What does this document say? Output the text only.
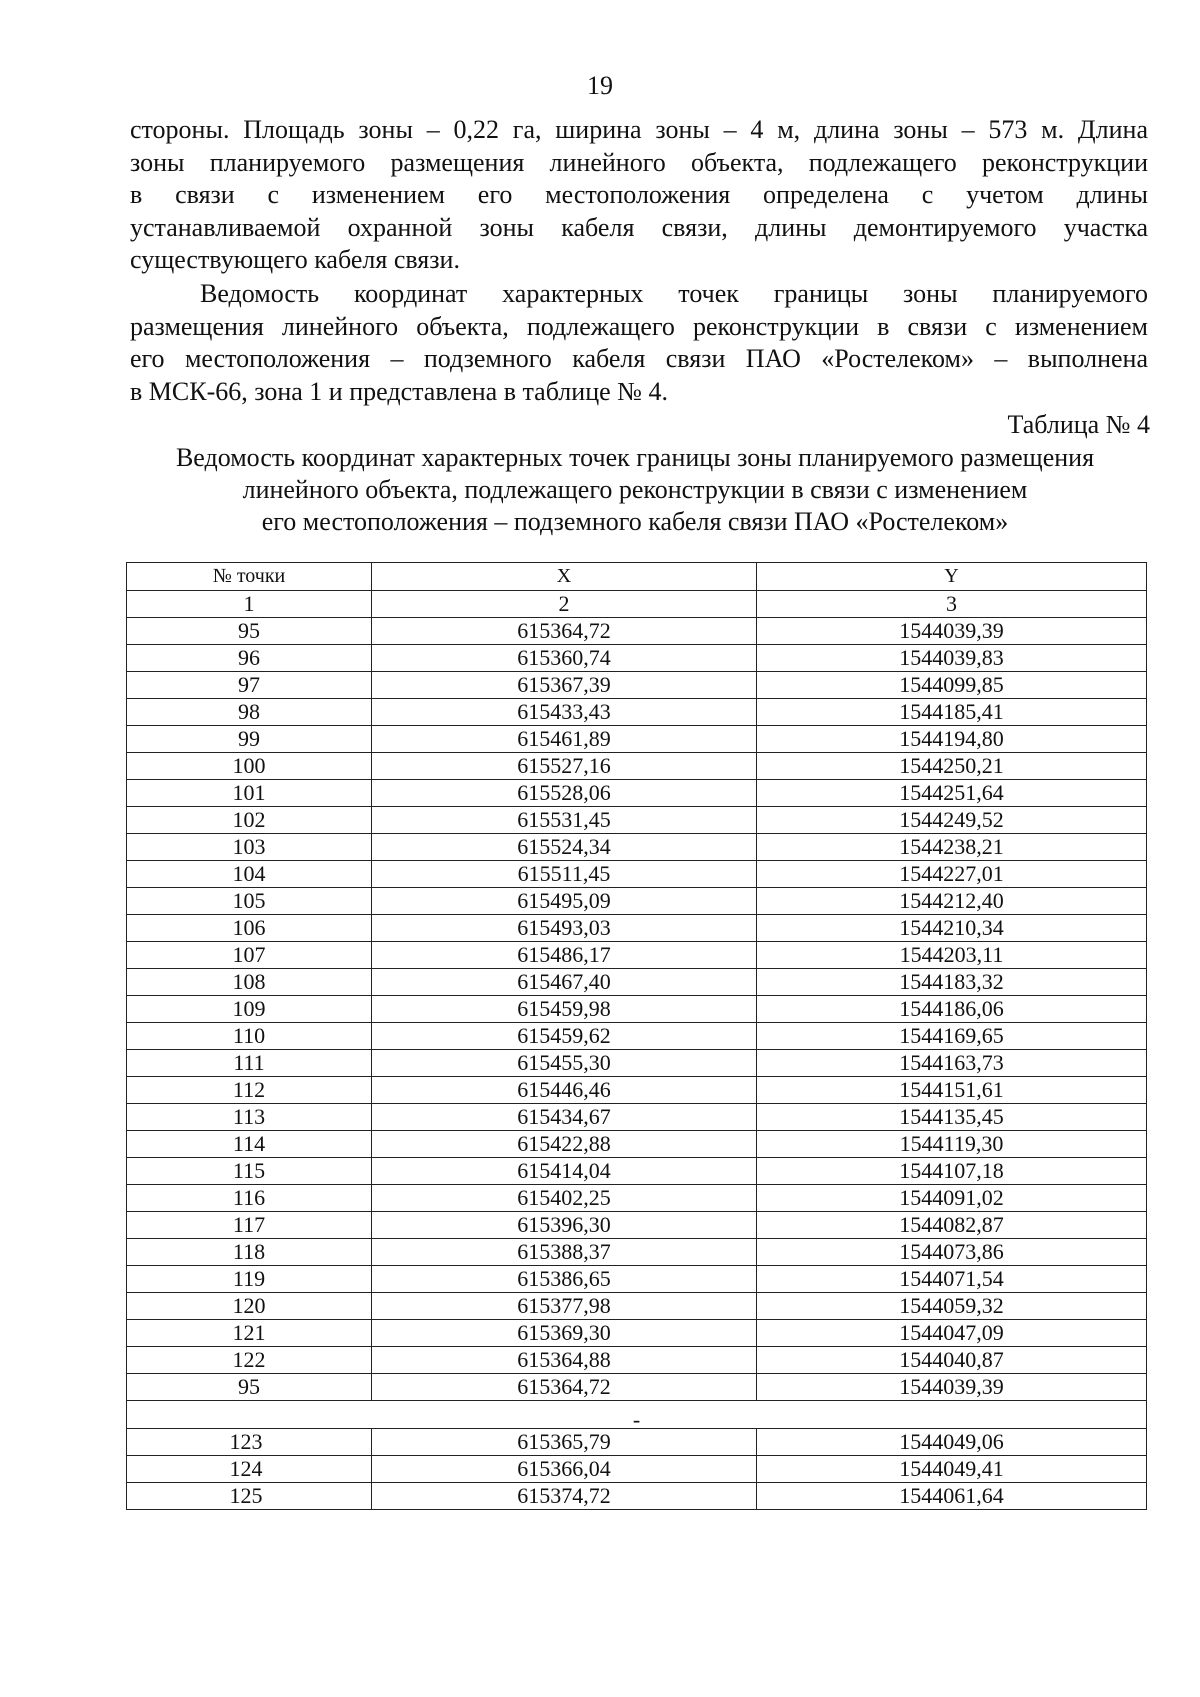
19
стороны. Площадь зоны – 0,22 га, ширина зоны – 4 м, длина зоны – 573 м. Длина
зоны планируемого размещения линейного объекта, подлежащего реконструкции
в связи с изменением его местоположения определена с учетом длины
устанавливаемой охранной зоны кабеля связи, длины демонтируемого участка
существующего кабеля связи.
Ведомость координат характерных точек границы зоны планируемого
размещения линейного объекта, подлежащего реконструкции в связи с изменением
его местоположения – подземного кабеля связи ПАО «Ростелеком» – выполнена
в МСК-66, зона 1 и представлена в таблице № 4.
Таблица № 4
Ведомость координат характерных точек границы зоны планируемого размещения
линейного объекта, подлежащего реконструкции в связи с изменением
его местоположения – подземного кабеля связи ПАО «Ростелеком»
№ точки	X	Y
1	2	3
95	615364,72	1544039,39
96	615360,74	1544039,83
97	615367,39	1544099,85
98	615433,43	1544185,41
99	615461,89	1544194,80
100	615527,16	1544250,21
101	615528,06	1544251,64
102	615531,45	1544249,52
103	615524,34	1544238,21
104	615511,45	1544227,01
105	615495,09	1544212,40
106	615493,03	1544210,34
107	615486,17	1544203,11
108	615467,40	1544183,32
109	615459,98	1544186,06
110	615459,62	1544169,65
111	615455,30	1544163,73
112	615446,46	1544151,61
113	615434,67	1544135,45
114	615422,88	1544119,30
115	615414,04	1544107,18
116	615402,25	1544091,02
117	615396,30	1544082,87
118	615388,37	1544073,86
119	615386,65	1544071,54
120	615377,98	1544059,32
121	615369,30	1544047,09
122	615364,88	1544040,87
95	615364,72	1544039,39
-		
123	615365,79	1544049,06
124	615366,04	1544049,41
125	615374,72	1544061,64
